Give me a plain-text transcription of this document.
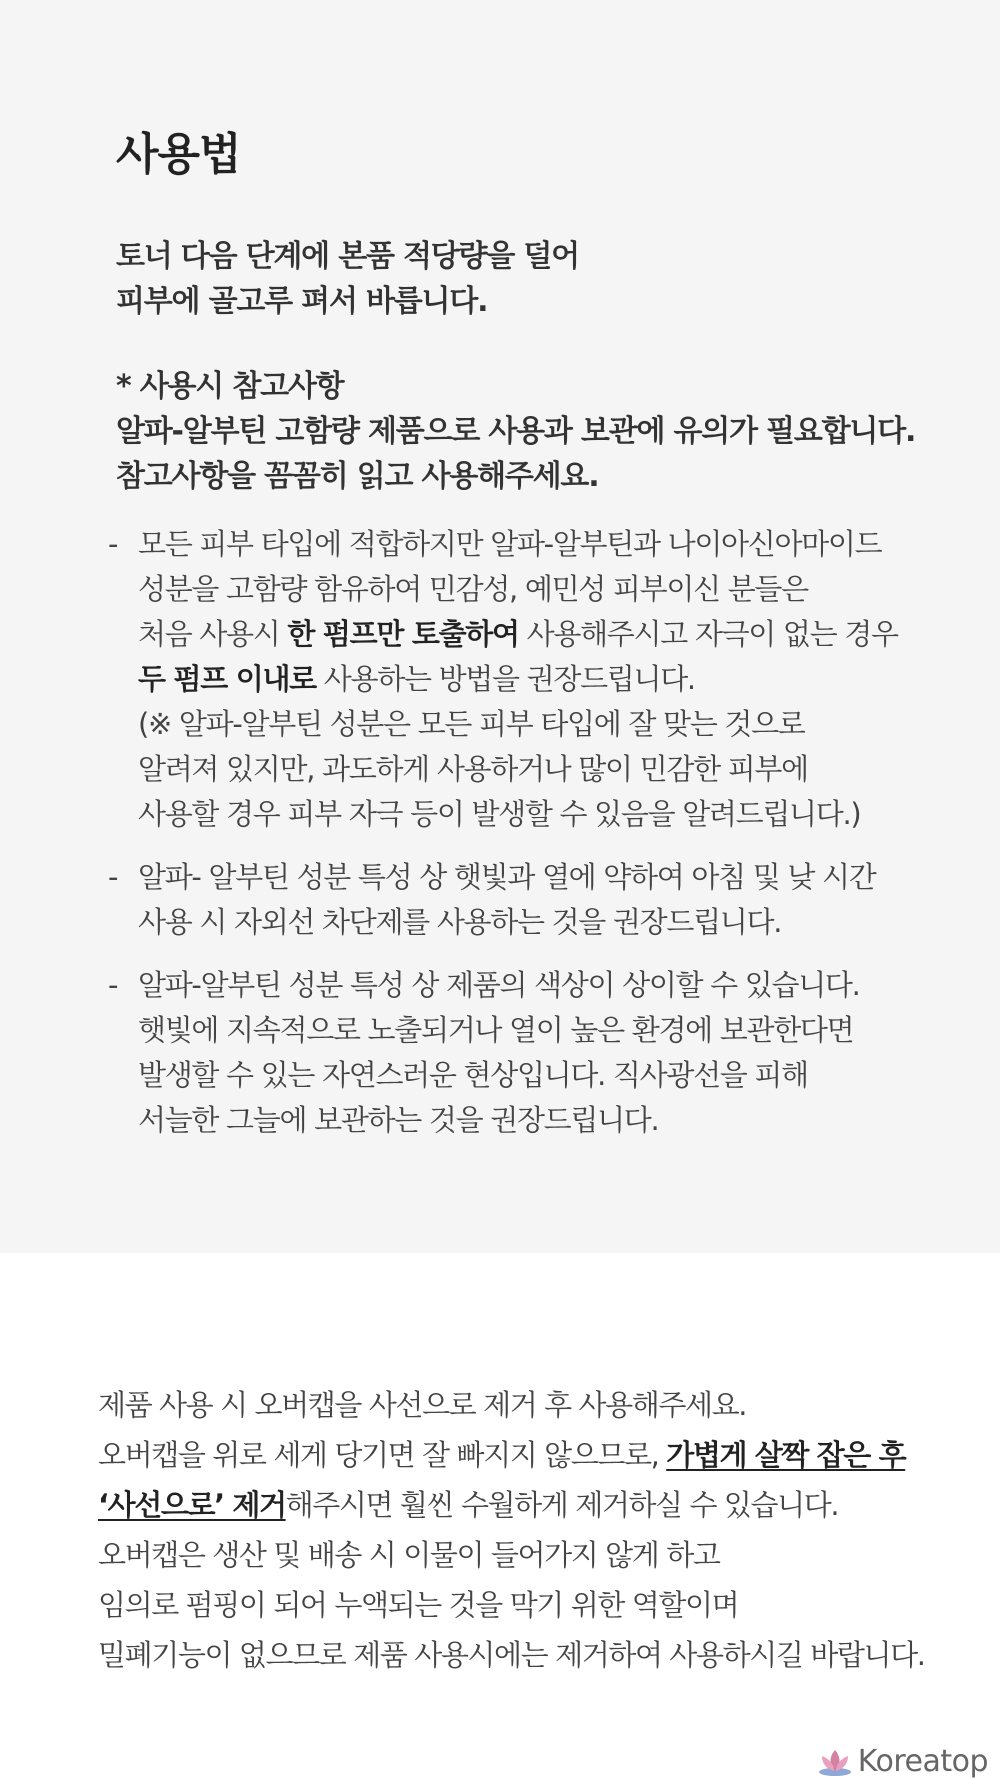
사용법
토너 다음 단계에 본품 적당량을 덜어
피부에 골고루 펴서 바릅니다.
* 사용시 참고사항
알파-알부틴 고함량 제품으로 사용과 보관에 유의가 필요합니다.
참고사항을 꼼꼼히 읽고 사용해주세요.
- 모든 피부 타입에 적합하지만 알파-알부틴과 나이아신아마이드
성분을 고함량 함유하여 민감성, 예민성 피부이신 분들은
처음 사용시 한 펌프만 토출하여 사용해주시고 자극이 없는 경우
두 펌프 이내로 사용하는 방법을 권장드립니다.
(※ 알파-알부틴 성분은 모든 피부 타입에 잘 맞는 것으로
알려져 있지만, 과도하게 사용하거나 많이 민감한 피부에
사용할 경우 피부 자극 등이 발생할 수 있음을 알려드립니다.)
- 알파- 알부틴 성분 특성 상 햇빛과 열에 약하여 아침 및 낮 시간
사용 시 자외선 차단제를 사용하는 것을 권장드립니다.
- 알파-알부틴 성분 특성 상 제품의 색상이 상이할 수 있습니다.
햇빛에 지속적으로 노출되거나 열이 높은 환경에 보관한다면
발생할 수 있는 자연스러운 현상입니다. 직사광선을 피해
서늘한 그늘에 보관하는 것을 권장드립니다.
제품 사용 시 오버캡을 사선으로 제거 후 사용해주세요.
오버캡을 위로 세게 당기면 잘 빠지지 않으므로, 가볍게 살짝 잡은 후
‘사선으로’ 제거해주시면 훨씬 수월하게 제거하실 수 있습니다.
오버캡은 생산 및 배송 시 이물이 들어가지 않게 하고
임의로 펌핑이 되어 누액되는 것을 막기 위한 역할이며
밀폐기능이 없으므로 제품 사용시에는 제거하여 사용하시길 바랍니다.
Koreatop
